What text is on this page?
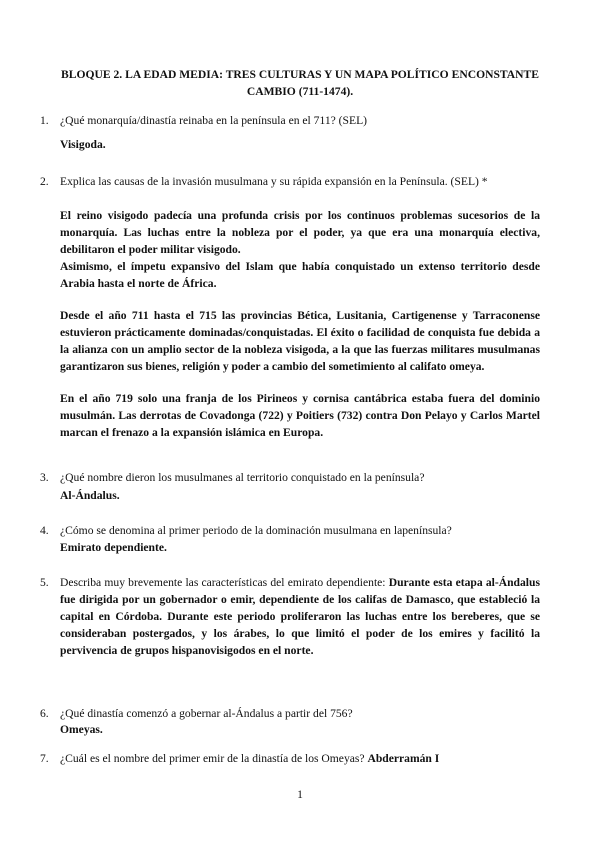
BLOQUE 2. LA EDAD MEDIA: TRES CULTURAS Y UN MAPA POLÍTICO ENCONSTANTE CAMBIO (711-1474).
1. ¿Qué monarquía/dinastía reinaba en la península en el 711? (SEL)
Visigoda.
2. Explica las causas de la invasión musulmana y su rápida expansión en la Península. (SEL) *

El reino visigodo padecía una profunda crisis por los continuos problemas sucesorios de la monarquía. Las luchas entre la nobleza por el poder, ya que era una monarquía electiva, debilitaron el poder militar visigodo.

Asimismo, el ímpetu expansivo del Islam que había conquistado un extenso territorio desde Arabia hasta el norte de África.

Desde el año 711 hasta el 715 las provincias Bética, Lusitania, Cartigenense y Tarraconense estuvieron prácticamente dominadas/conquistadas. El éxito o facilidad de conquista fue debida a la alianza con un amplio sector de la nobleza visigoda, a la que las fuerzas militares musulmanas garantizaron sus bienes, religión y poder a cambio del sometimiento al califato omeya.

En el año 719 solo una franja de los Pirineos y cornisa cantábrica estaba fuera del dominio musulmán. Las derrotas de Covadonga (722) y Poitiers (732) contra Don Pelayo y Carlos Martel marcan el frenazo a la expansión islámica en Europa.

3. ¿Qué nombre dieron los musulmanes al territorio conquistado en la península?
Al-Ándalus.
4. ¿Cómo se denomina al primer periodo de la dominación musulmana en lapenínsula?
Emirato dependiente.
5. Describa muy brevemente las características del emirato dependiente: Durante esta etapa al-Ándalus fue dirigida por un gobernador o emir, dependiente de los califas de Damasco, que estableció la capital en Córdoba. Durante este periodo proliferaron las luchas entre los bereberes, que se consideraban postergados, y los árabes, lo que limitó el poder de los emires y facilitó la pervivencia de grupos hispanovisigodos en el norte.
6. ¿Qué dinastía comenzó a gobernar al-Ándalus a partir del 756?
Omeyas.
7. ¿Cuál es el nombre del primer emir de la dinastía de los Omeyas? Abderramán I
1
